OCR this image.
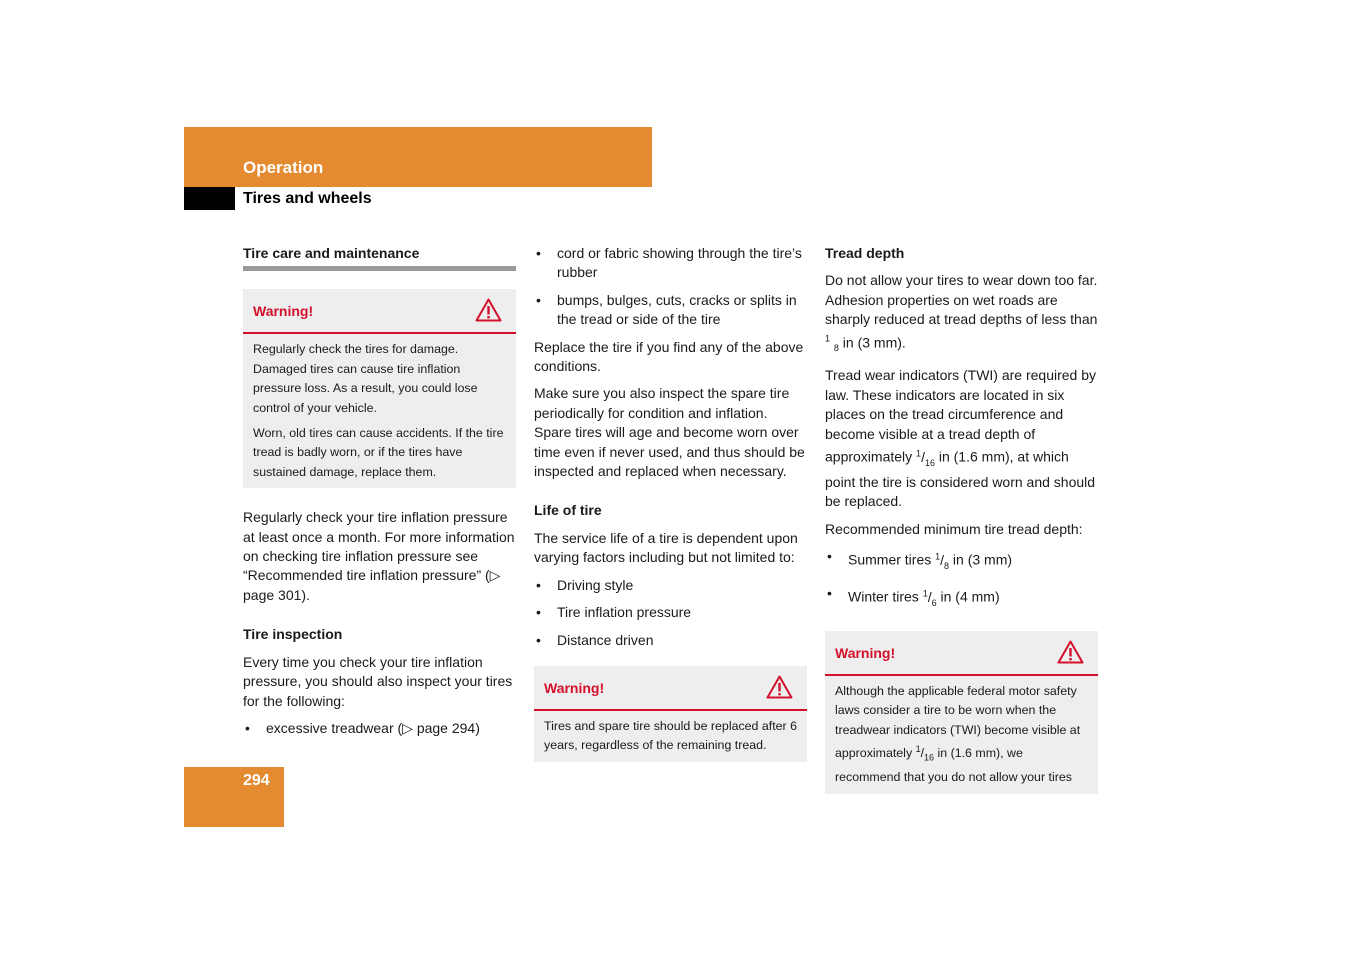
Operation
Tires and wheels
Tire care and maintenance
Warning!

Regularly check the tires for damage. Damaged tires can cause tire inflation pressure loss. As a result, you could lose control of your vehicle.

Worn, old tires can cause accidents. If the tire tread is badly worn, or if the tires have sustained damage, replace them.

Regularly check your tire inflation pressure at least once a month. For more information on checking tire inflation pressure see “Recommended tire inflation pressure” (▷ page 301).

Tire inspection

Every time you check your tire inflation pressure, you should also inspect your tires for the following:

• excessive treadwear (▷ page 294)
• cord or fabric showing through the tire’s rubber
• bumps, bulges, cuts, cracks or splits in the tread or side of the tire

Replace the tire if you find any of the above conditions.

Make sure you also inspect the spare tire periodically for condition and inflation. Spare tires will age and become worn over time even if never used, and thus should be inspected and replaced when necessary.

Life of tire

The service life of a tire is dependent upon varying factors including but not limited to:

• Driving style
• Tire inflation pressure
• Distance driven
Warning!

Tires and spare tire should be replaced after 6 years, regardless of the remaining tread.

Tread depth

Do not allow your tires to wear down too far. Adhesion properties on wet roads are sharply reduced at tread depths of less than $^1$ $_8$ in (3 mm).

Tread wear indicators (TWI) are required by law. These indicators are located in six places on the tread circumference and become visible at a tread depth of approximately $^1/_{16}$ in (1.6 mm), at which point the tire is considered worn and should be replaced.

Recommended minimum tire tread depth:

• Summer tires $^1/_8$ in (3 mm)
• Winter tires $^1/_6$ in (4 mm)
Warning!

Although the applicable federal motor safety laws consider a tire to be worn when the treadwear indicators (TWI) become visible at approximately $^1/_{16}$ in (1.6 mm), we recommend that you do not allow your tires

294
